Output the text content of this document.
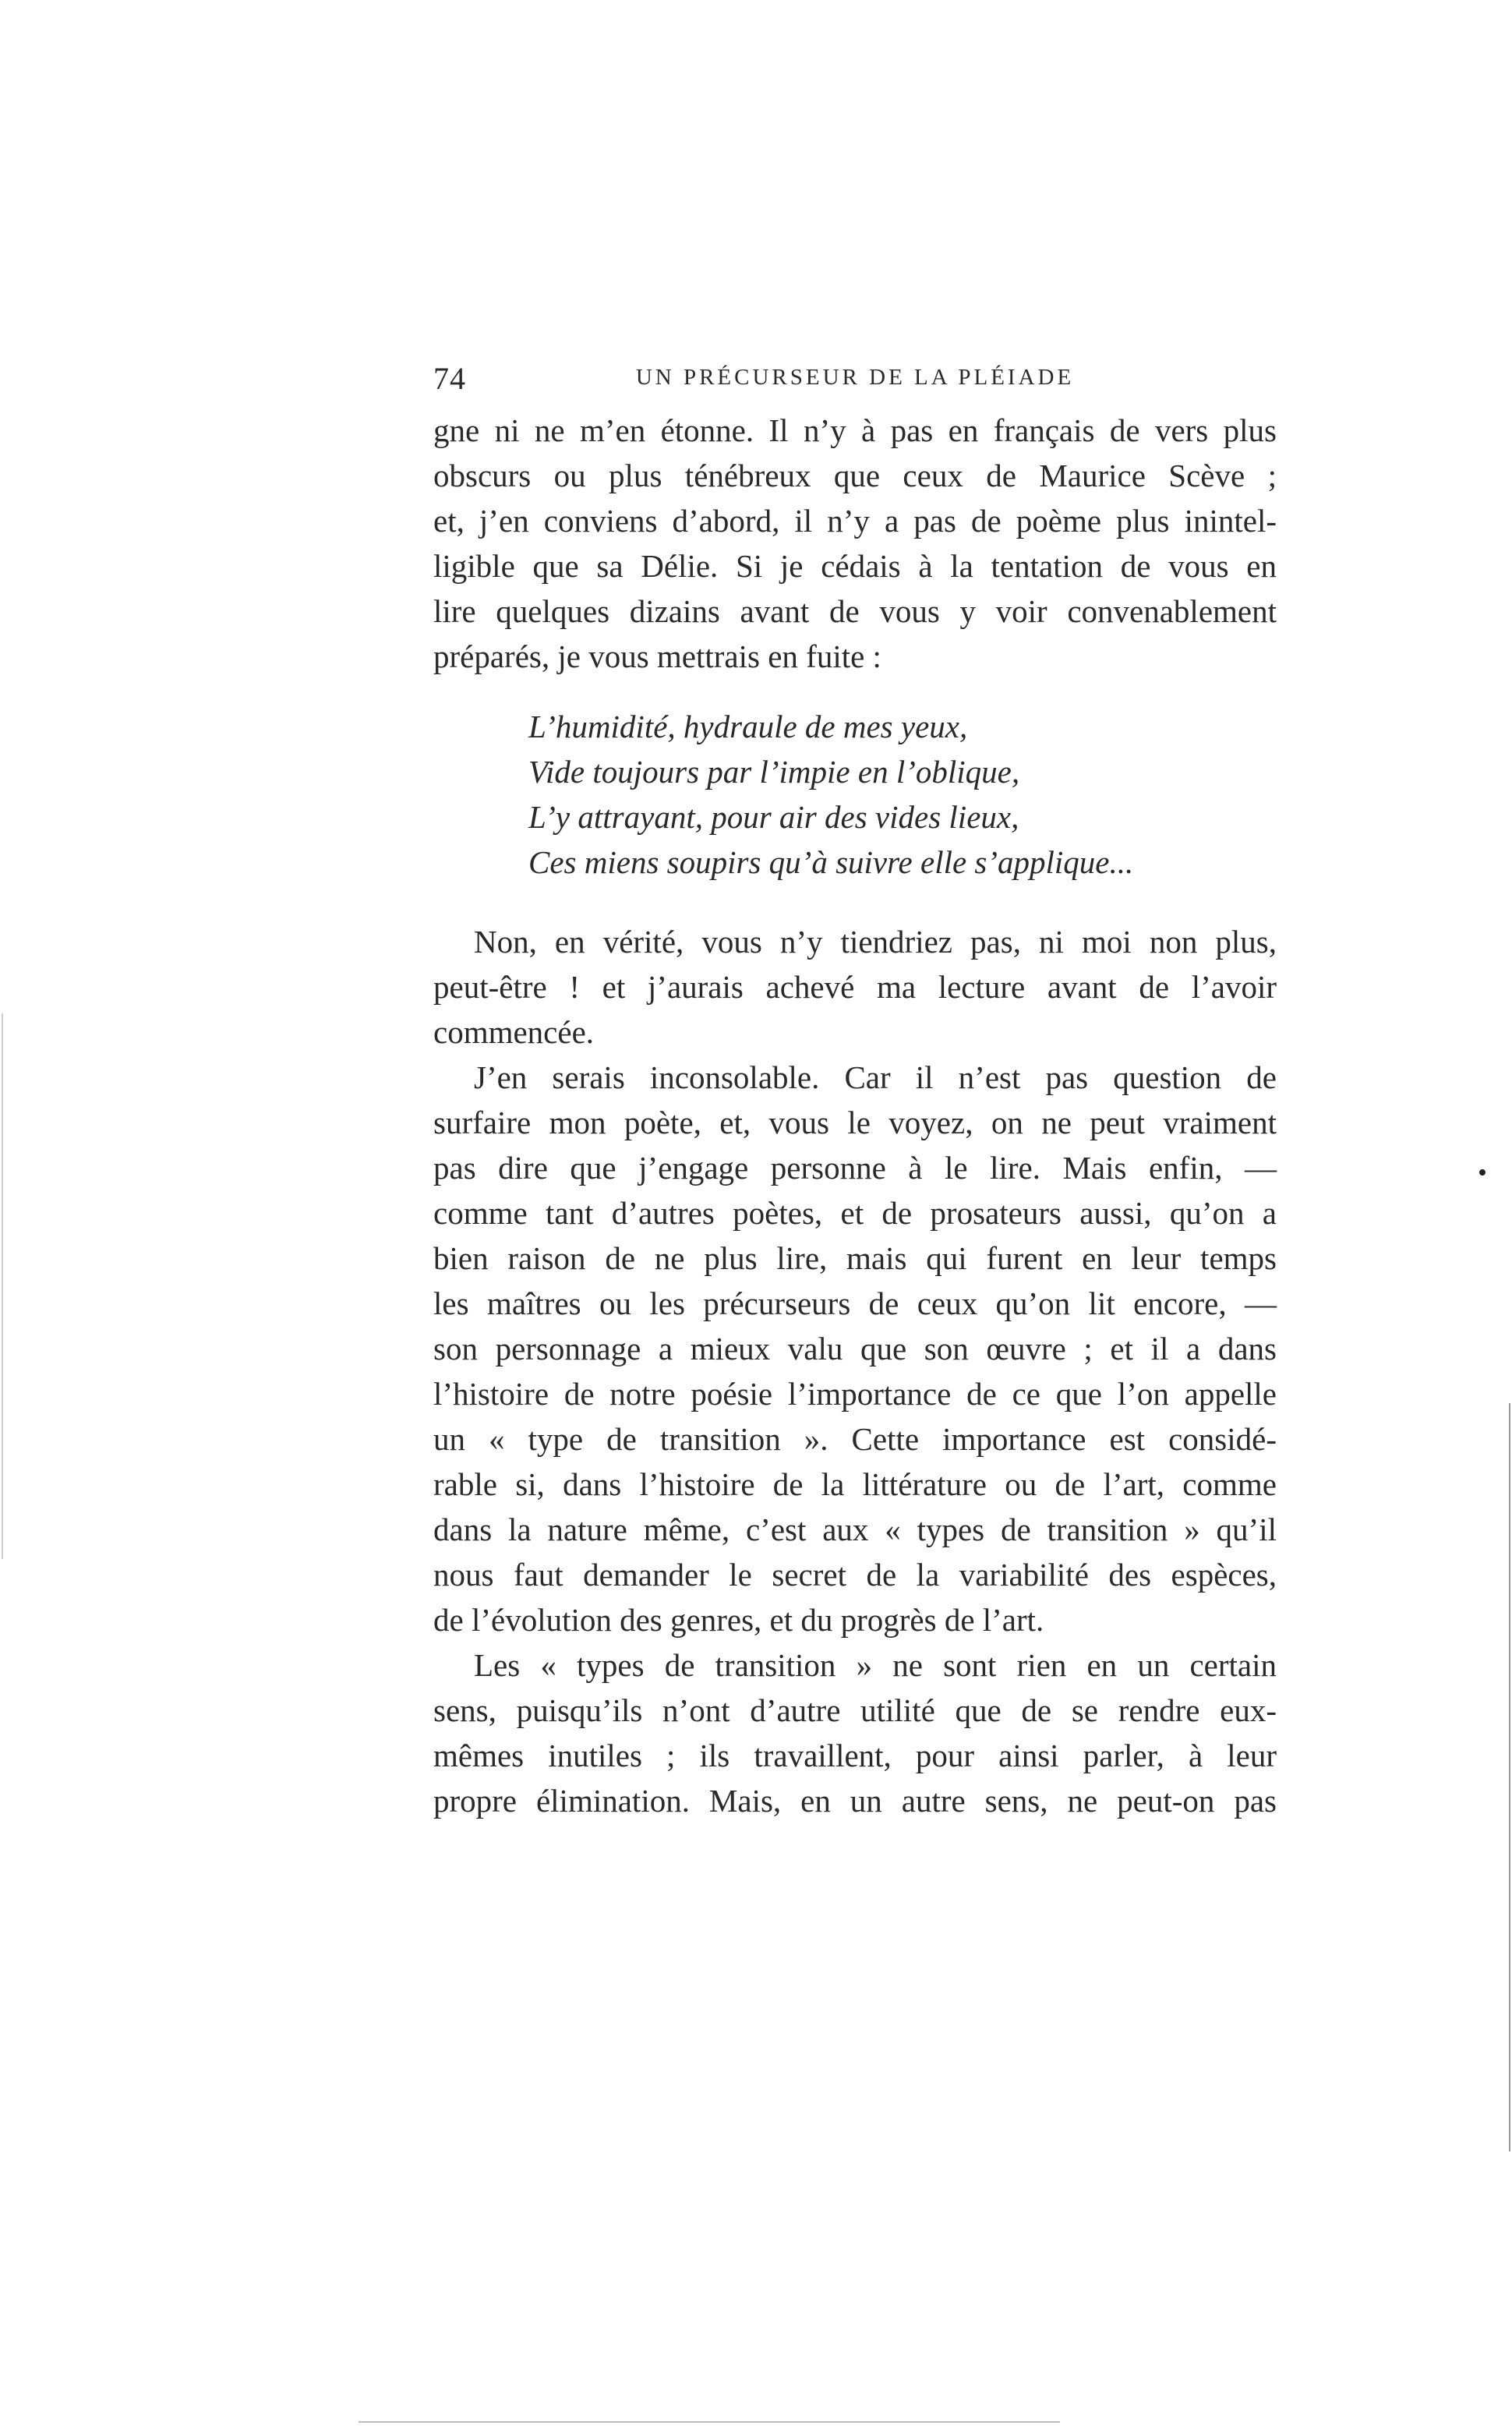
74	UN PRÉCURSEUR DE LA PLÉIADE
gne ni ne m’en étonne. Il n’y à pas en français de vers plus
obscurs ou plus ténébreux que ceux de Maurice Scève ;
et, j’en conviens d’abord, il n’y a pas de poème plus inintel-
ligible que sa Délie. Si je cédais à la tentation de vous en
lire quelques dizains avant de vous y voir convenablement
préparés, je vous mettrais en fuite :
L’humidité, hydraule de mes yeux,
Vide toujours par l’impie en l’oblique,
L’y attrayant, pour air des vides lieux,
Ces miens soupirs qu’à suivre elle s’applique...
Non, en vérité, vous n’y tiendriez pas, ni moi non plus,
peut-être ! et j’aurais achevé ma lecture avant de l’avoir
commencée.
J’en serais inconsolable. Car il n’est pas question de
surfaire mon poète, et, vous le voyez, on ne peut vraiment
pas dire que j’engage personne à le lire. Mais enfin, —
comme tant d’autres poètes, et de prosateurs aussi, qu’on a
bien raison de ne plus lire, mais qui furent en leur temps
les maîtres ou les précurseurs de ceux qu’on lit encore, —
son personnage a mieux valu que son œuvre ; et il a dans
l’histoire de notre poésie l’importance de ce que l’on appelle
un « type de transition ». Cette importance est considé-
rable si, dans l’histoire de la littérature ou de l’art, comme
dans la nature même, c’est aux « types de transition » qu’il
nous faut demander le secret de la variabilité des espèces,
de l’évolution des genres, et du progrès de l’art.
Les « types de transition » ne sont rien en un certain
sens, puisqu’ils n’ont d’autre utilité que de se rendre eux-
mêmes inutiles ; ils travaillent, pour ainsi parler, à leur
propre élimination. Mais, en un autre sens, ne peut-on pas
